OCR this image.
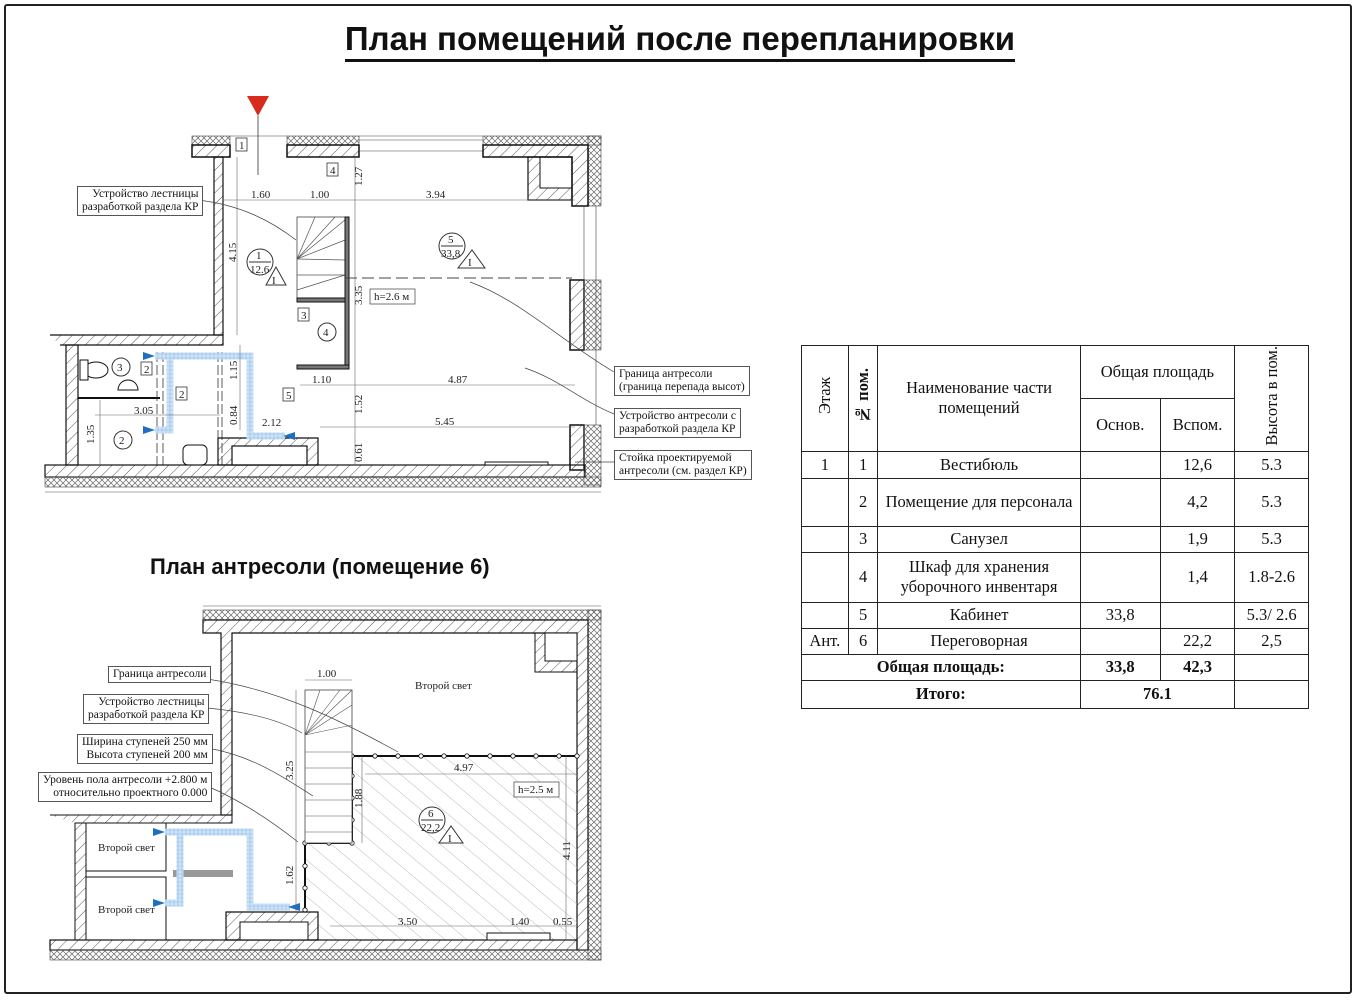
План помещений после перепланировки
1.60	1.00	3.94
1.27
4.15
3.35
1.10	4.87
1.52
5.45
0.61
1.15
3.05	0.84 2.12
1.35
1
12.6
I
5
33,8
I
4
3
2
1
4
3
5
2
2
h=2.6 м
1.00
3.25	4.97
1.88
4.11
1.62
3.50	1.40 0.55
Второй свет
Второй свет
Второй свет
6
22,2
I
h=2.5 м
Устройство лестницы
разработкой раздела КР
Граница антресоли
(граница перепада высот)
Устройство антресоли с
разработкой раздела КР
Стойка проектируемой
антресоли (см. раздел КР)
План антресоли (помещение 6)
Граница антресоли
Устройство лестницы
разработкой раздела КР
Ширина ступеней 250 мм
Высота ступеней 200 мм
Уровень пола антресоли +2.800 м
относительно проектного 0.000
Этаж	№ пом.	Наименование части помещений	Общая площадь		Высота в пом.
			Основ.	Вспом.	
1	1	Вестибюль		12,6	5.3
	2	Помещение для персонала		4,2	5.3
	3	Санузел		1,9	5.3
	4	Шкаф для хранения уборочного инвентаря		1,4	1.8-2.6
	5	Кабинет	33,8		5.3/ 2.6
Ант.	6	Переговорная		22,2	2,5
Общая площадь:			33,8	42,3	
Итого:			76.1		
